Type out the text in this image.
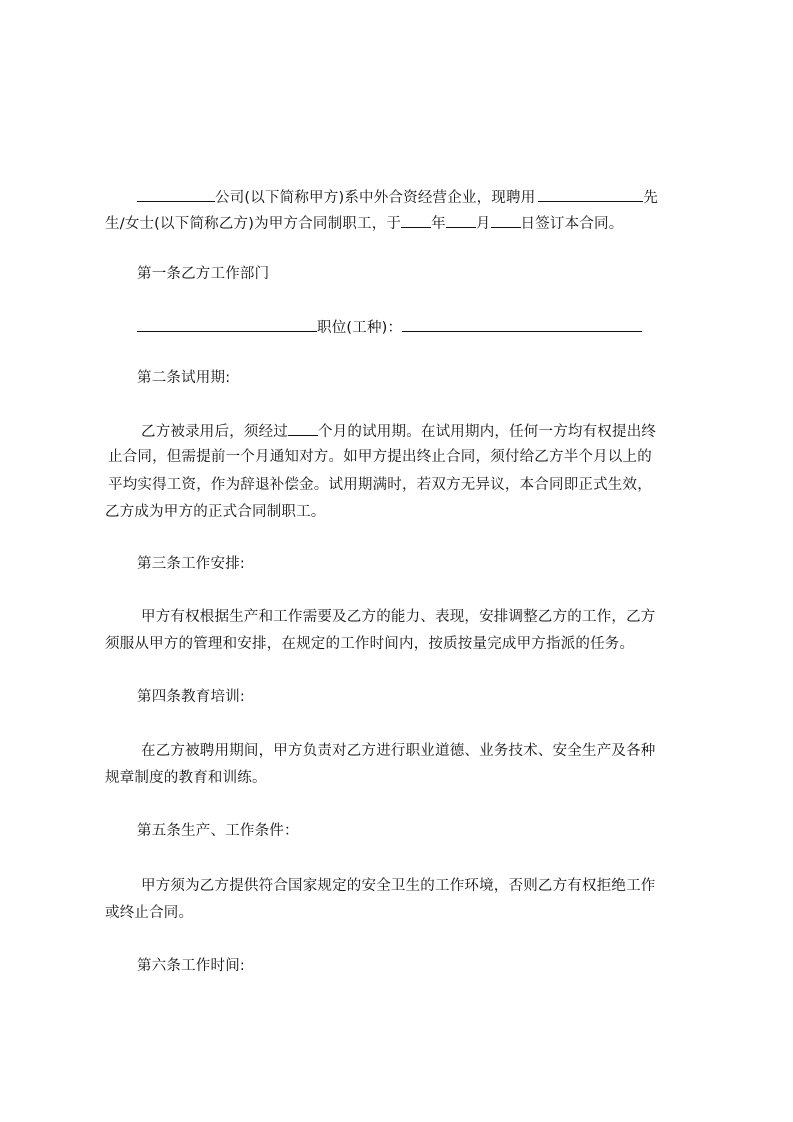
公司(以下简称甲方)系中外合资经营企业，现聘用	先
生/女士(以下简称乙方)为甲方合同制职工，于 年 月 日签订本合同。
第一条乙方工作部门
职位(工种)：
第二条试用期:
乙方被录用后，须经过 个月的试用期。在试用期内，任何一方均有权提出终
止合同，但需提前一个月通知对方。如甲方提出终止合同，须付给乙方半个月以上的
平均实得工资，作为辞退补偿金。试用期满时，若双方无异议，本合同即正式生效，
乙方成为甲方的正式合同制职工。
第三条工作安排:
甲方有权根据生产和工作需要及乙方的能力、表现，安排调整乙方的工作，乙方
须服从甲方的管理和安排，在规定的工作时间内，按质按量完成甲方指派的任务。
第四条教育培训:
在乙方被聘用期间，甲方负责对乙方进行职业道德、业务技术、安全生产及各种
规章制度的教育和训练。
第五条生产、工作条件：
甲方须为乙方提供符合国家规定的安全卫生的工作环境，否则乙方有权拒绝工作
或终止合同。
第六条工作时间:
